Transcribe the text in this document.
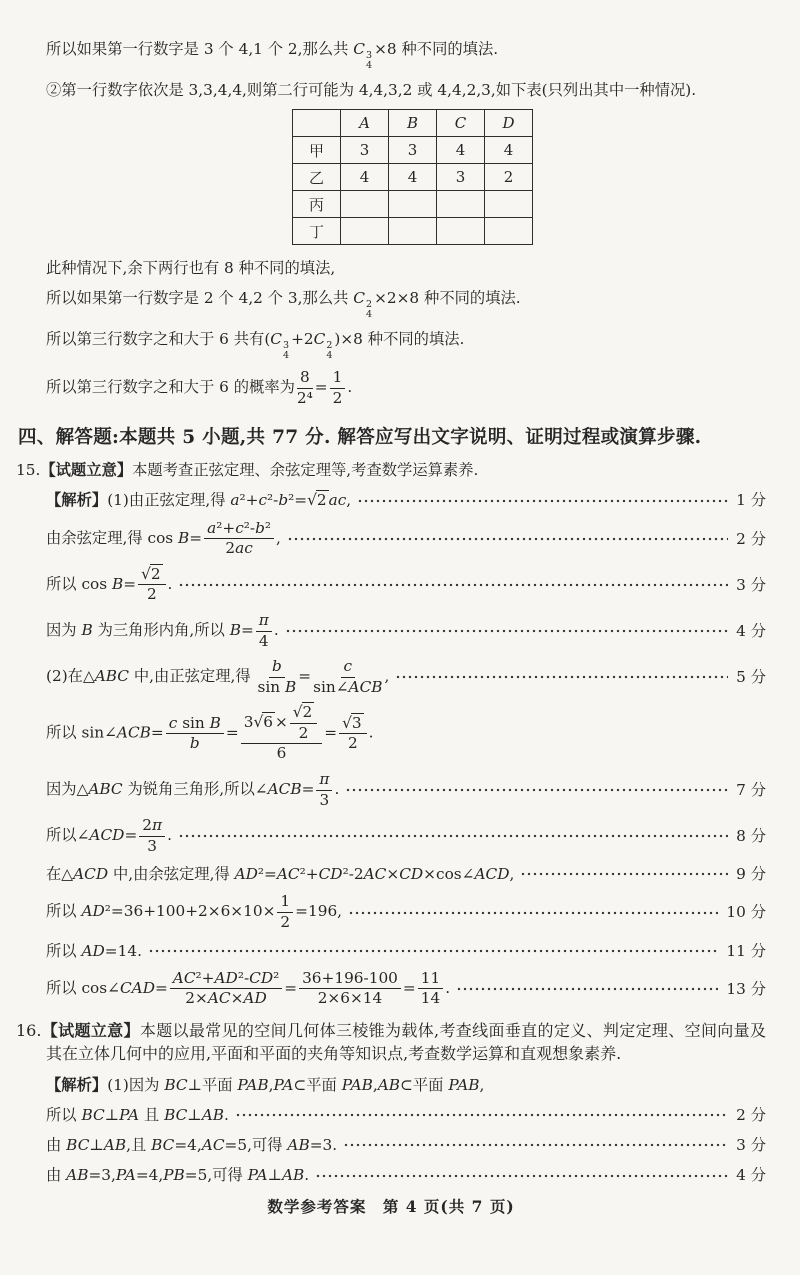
所以如果第一行数字是 3 个 4,1 个 2,那么共 C 3
4
×8 种不同的填法.
②第一行数字依次是 3,3,4,4,则第二行可能为 4,4,3,2 或 4,4,2,3,如下表(只列出其中一种情况).
	A	B	C	D
甲	3	3	4	4
乙	4	4	3	2
丙				
丁				
此种情况下,余下两行也有 8 种不同的填法,
所以如果第一行数字是 2 个 4,2 个 3,那么共 C 2
4
×2×8 种不同的填法.
所以第三行数字之和大于 6 共有(C 3
4
+2C 2
4
)×8 种不同的填法.
所以第三行数字之和大于 6 的概率为 $\frac{8}{\text{2⁴}} = \frac{1}{2}$ .
四、解答题:本题共 5 小题,共 77 分. 解答应写出文字说明、证明过程或演算步骤.
15.【试题立意】本题考查正弦定理、余弦定理等,考查数学运算素养.
【解析】(1)由正弦定理,得 a²+c²-b²=√2 ac,	1 分
由余弦定理,得 $\cos B= \frac{\text{a²+c²-b²}}{2ac}$ ,	2 分
所以 $\cos B= \frac{√2}{2}$ .	3 分
因为 B 为三角形内角,所以 $B= \frac{\pi}{4}$ .	4 分
(2)在△ABC 中,由正弦定理,得 $\frac{b}{\text{sin B}}$ =
c
sin∠ACB
,	5 分
所以 sin∠ACB= $\frac{\text{c sin B}}{b} = \frac{3√6 \times \frac{√2}{2}}{6} = \frac{√3}{2}$ .
因为△ABC 为锐角三角形,所以∠ACB= $\frac{\pi}{3}$ .	7 分
所以∠ACD= $\frac{2\pi}{3}$ .	8 分
在△ACD 中,由余弦定理,得 AD²=AC²+CD²-2AC×CD×cos∠ACD,	9 分
所以 $AD^2=36+100+2\times 6\times 10\times \frac{1}{2} =196$,	10 分
所以 AD=14.	11 分
所以 cos∠CAD= $\frac{\text{AC²+AD²-CD²}}{2\times AC\times AD} = \frac{36+196-100}{2\times 6\times 14} = \frac{11}{14}$ .	13 分
16.【试题立意】本题以最常见的空间几何体三棱锥为载体,考查线面垂直的定义、判定定理、空间向量及其在立体几何中的应用,平面和平面的夹角等知识点,考查数学运算和直观想象素养.
【解析】(1)因为 BC⊥平面 PAB,PA⊂平面 PAB,AB⊂平面 PAB,
所以 BC⊥PA 且 BC⊥AB.	2 分
由 BC⊥AB,且 BC=4,AC=5,可得 AB=3.	3 分
由 AB=3,PA=4,PB=5,可得 PA⊥AB.	4 分
数学参考答案　第 4 页(共 7 页)
